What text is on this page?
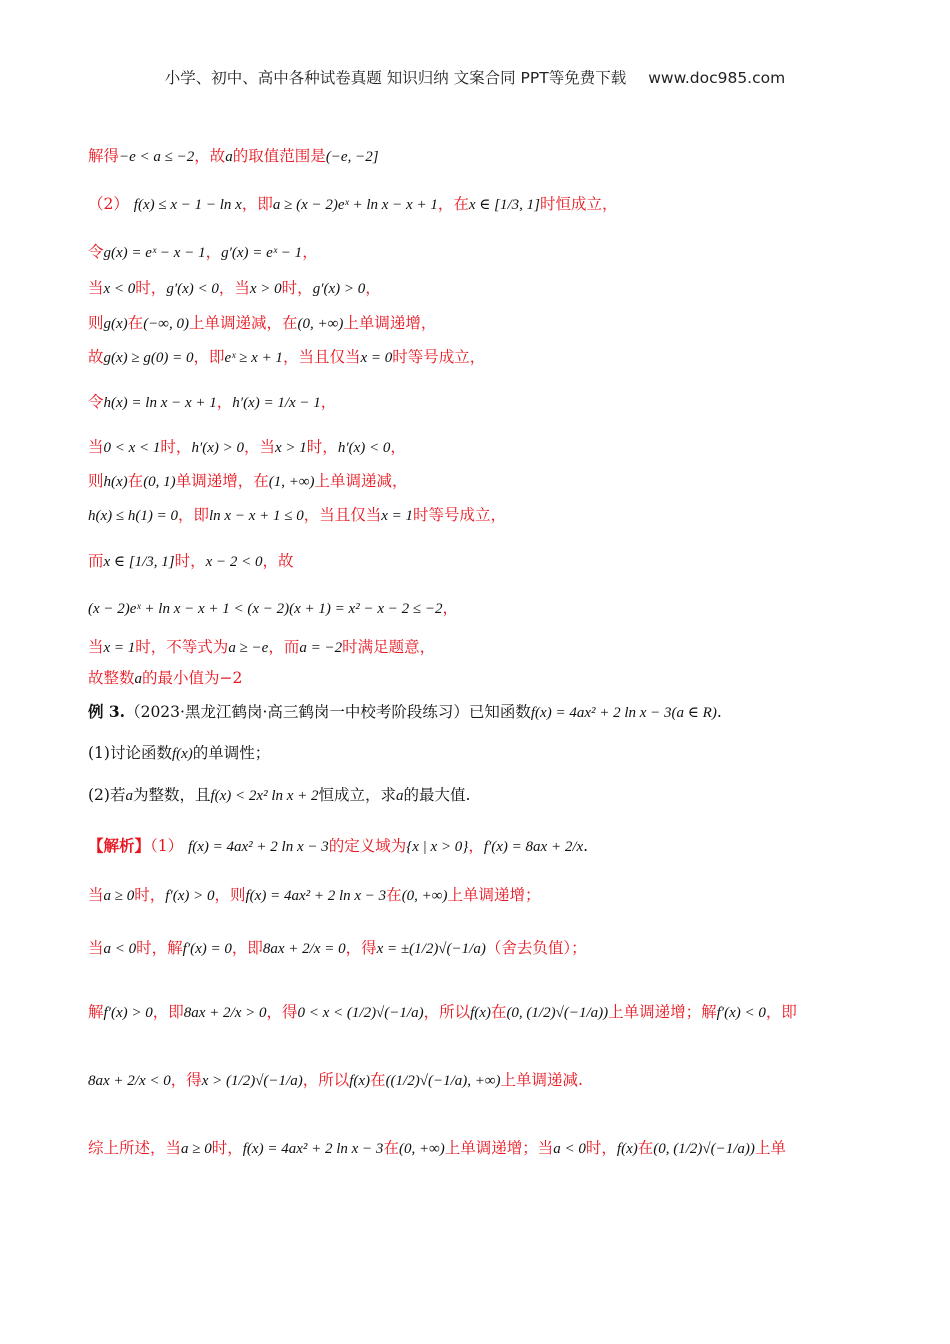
小学、初中、高中各种试卷真题 知识归纳 文案合同 PPT等免费下载 www.doc985.com
解得−e < a ≤ −2，故a的取值范围是(−e, −2]
（2） f(x) ≤ x − 1 − ln x，即a ≥ (x − 2)eˣ + ln x − x + 1，在x ∈ [1/3, 1]时恒成立，
令g(x) = eˣ − x − 1，g′(x) = eˣ − 1，
当x < 0时，g′(x) < 0，当x > 0时，g′(x) > 0，
则g(x)在(−∞, 0)上单调递减，在(0, +∞)上单调递增，
故g(x) ≥ g(0) = 0，即eˣ ≥ x + 1，当且仅当x = 0时等号成立，
令h(x) = ln x − x + 1，h′(x) = 1/x − 1，
当0 < x < 1时，h′(x) > 0，当x > 1时，h′(x) < 0，
则h(x)在(0, 1)单调递增，在(1, +∞)上单调递减，
h(x) ≤ h(1) = 0，即ln x − x + 1 ≤ 0，当且仅当x = 1时等号成立，
而x ∈ [1/3, 1]时，x − 2 < 0，故
(x − 2)eˣ + ln x − x + 1 < (x − 2)(x + 1) = x² − x − 2 ≤ −2，
当x = 1时，不等式为a ≥ −e，而a = −2时满足题意，
故整数a的最小值为−2
例 3.（2023·黑龙江鹤岗·高三鹤岗一中校考阶段练习）已知函数f(x) = 4ax² + 2 ln x − 3(a ∈ R).
(1)讨论函数f(x)的单调性；
(2)若a为整数，且f(x) < 2x² ln x + 2恒成立，求a的最大值.
【解析】（1） f(x) = 4ax² + 2 ln x − 3的定义域为{x | x > 0}，f′(x) = 8ax + 2/x.
当a ≥ 0时，f′(x) > 0，则f(x) = 4ax² + 2 ln x − 3在(0, +∞)上单调递增；
当a < 0时，解f′(x) = 0，即8ax + 2/x = 0，得x = ±(1/2)√(−1/a)（舍去负值）；
解f′(x) > 0，即8ax + 2/x > 0，得0 < x < (1/2)√(−1/a)，所以f(x)在(0, (1/2)√(−1/a))上单调递增；解f′(x) < 0，即
8ax + 2/x < 0，得x > (1/2)√(−1/a)，所以f(x)在((1/2)√(−1/a), +∞)上单调递减.
综上所述，当a ≥ 0时，f(x) = 4ax² + 2 ln x − 3在(0, +∞)上单调递增；当a < 0时，f(x)在(0, (1/2)√(−1/a))上单
